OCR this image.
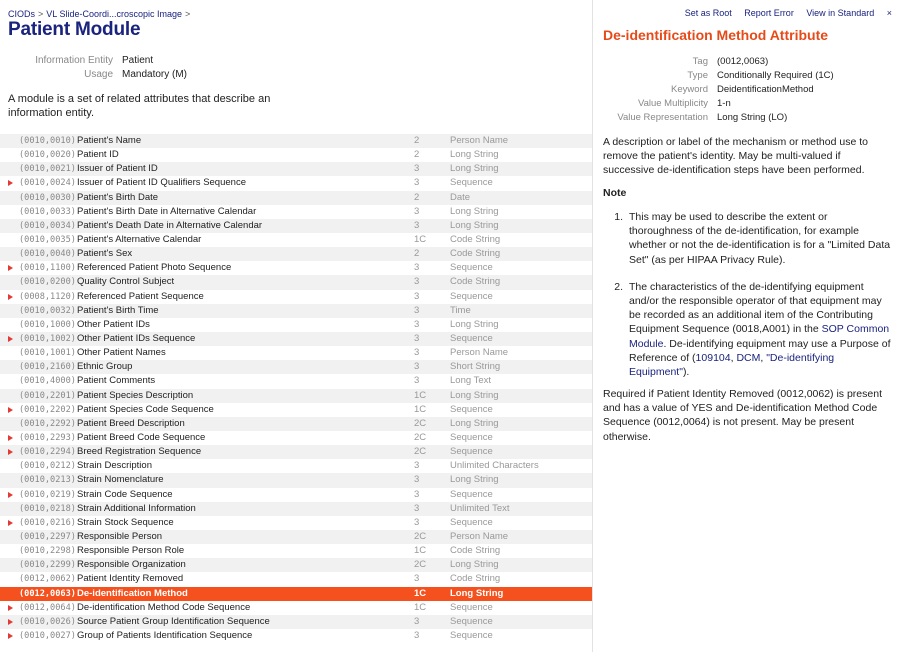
CIODs > VL Slide-Coordi...croscopic Image >
Patient Module
Information Entity Patient
Usage Mandatory (M)
A module is a set of related attributes that describe an information entity.
(0010,0010) Patient's Name	2	Person Name
(0010,0020) Patient ID	2	Long String
(0010,0021) Issuer of Patient ID	3	Long String
(0010,0024) Issuer of Patient ID Qualifiers Sequence	3	Sequence
(0010,0030) Patient's Birth Date	2	Date
(0010,0033) Patient's Birth Date in Alternative Calendar	3	Long String
(0010,0034) Patient's Death Date in Alternative Calendar	3	Long String
(0010,0035) Patient's Alternative Calendar	1C	Code String
(0010,0040) Patient's Sex	2	Code String
(0010,1100) Referenced Patient Photo Sequence	3	Sequence
(0010,0200) Quality Control Subject	3	Code String
(0008,1120) Referenced Patient Sequence	3	Sequence
(0010,0032) Patient's Birth Time	3	Time
(0010,1000) Other Patient IDs	3	Long String
(0010,1002) Other Patient IDs Sequence	3	Sequence
(0010,1001) Other Patient Names	3	Person Name
(0010,2160) Ethnic Group	3	Short String
(0010,4000) Patient Comments	3	Long Text
(0010,2201) Patient Species Description	1C	Long String
(0010,2202) Patient Species Code Sequence	1C	Sequence
(0010,2292) Patient Breed Description	2C	Long String
(0010,2293) Patient Breed Code Sequence	2C	Sequence
(0010,2294) Breed Registration Sequence	2C	Sequence
(0010,0212) Strain Description	3	Unlimited Characters
(0010,0213) Strain Nomenclature	3	Long String
(0010,0219) Strain Code Sequence	3	Sequence
(0010,0218) Strain Additional Information	3	Unlimited Text
(0010,0216) Strain Stock Sequence	3	Sequence
(0010,2297) Responsible Person	2C	Person Name
(0010,2298) Responsible Person Role	1C	Code String
(0010,2299) Responsible Organization	2C	Long String
(0012,0062) Patient Identity Removed	3	Code String
(0012,0063) De-identification Method	1C	Long String
(0012,0064) De-identification Method Code Sequence	1C	Sequence
(0010,0026) Source Patient Group Identification Sequence	3	Sequence
(0010,0027) Group of Patients Identification Sequence	3	Sequence
Set as Root Report Error View in Standard ×
De-identification Method Attribute
Tag (0012,0063)
Type Conditionally Required (1C)
Keyword DeidentificationMethod
Value Multiplicity 1-n
Value Representation Long String (LO)
A description or label of the mechanism or method use to remove the patient's identity. May be multi-valued if successive de-identification steps have been performed.
Note
1. This may be used to describe the extent or thoroughness of the de-identification, for example whether or not the de-identification is for a "Limited Data Set" (as per HIPAA Privacy Rule).
2. The characteristics of the de-identifying equipment and/or the responsible operator of that equipment may be recorded as an additional item of the Contributing Equipment Sequence (0018,A001) in the SOP Common Module. De-identifying equipment may use a Purpose of Reference of (109104, DCM, "De-identifying Equipment").
Required if Patient Identity Removed (0012,0062) is present and has a value of YES and De-identification Method Code Sequence (0012,0064) is not present. May be present otherwise.
